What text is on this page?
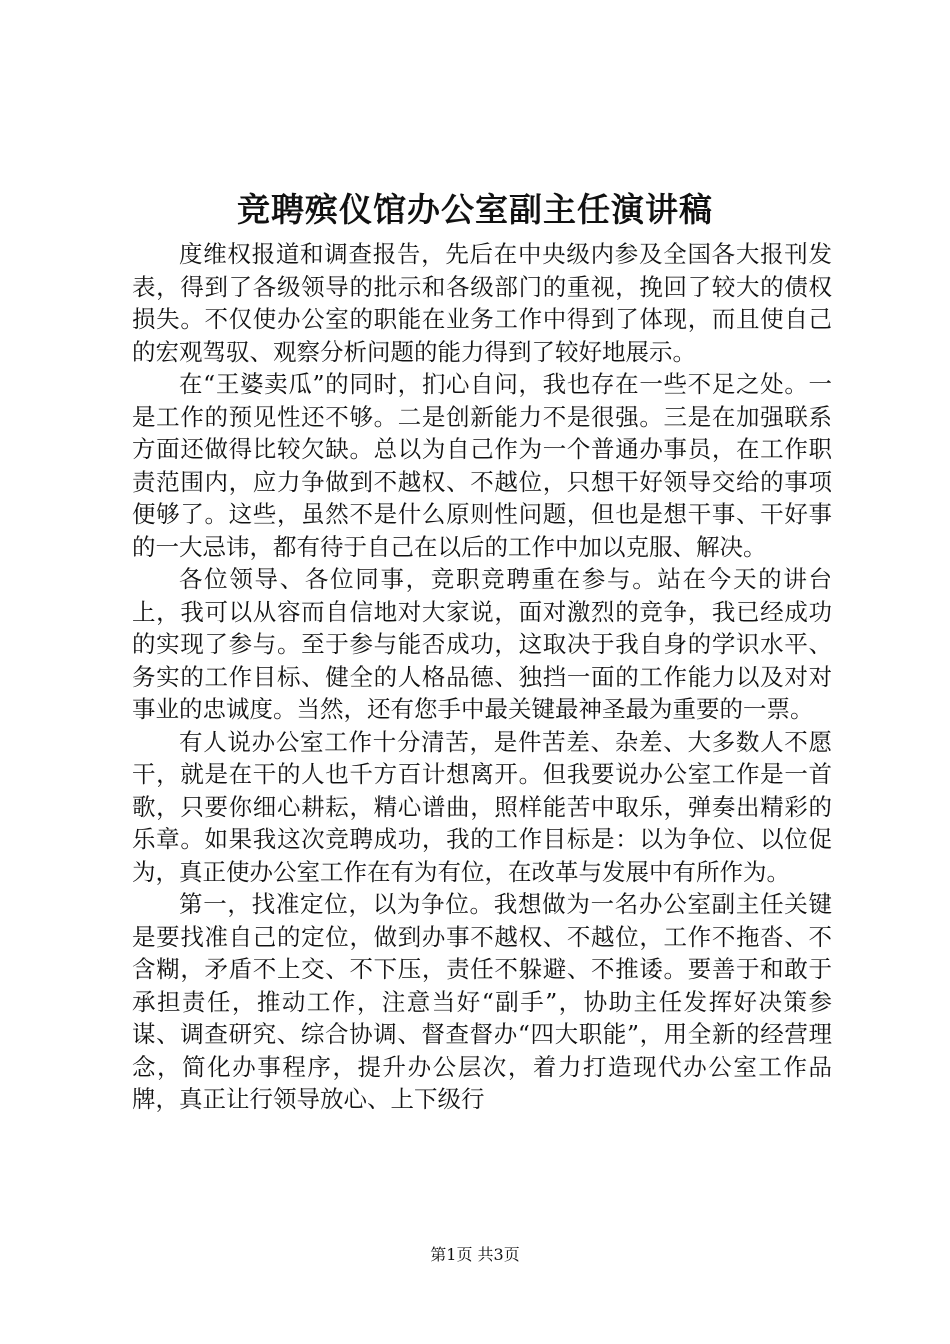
竞聘殡仪馆办公室副主任演讲稿

度维权报道和调查报告，先后在中央级内参及全国各大报刊发表，得到了各级领导的批示和各级部门的重视，挽回了较大的债权损失。不仅使办公室的职能在业务工作中得到了体现，而且使自己的宏观驾驭、观察分析问题的能力得到了较好地展示。

在“王婆卖瓜”的同时，扪心自问，我也存在一些不足之处。一是工作的预见性还不够。二是创新能力不是很强。三是在加强联系方面还做得比较欠缺。总以为自己作为一个普通办事员，在工作职责范围内，应力争做到不越权、不越位，只想干好领导交给的事项便够了。这些，虽然不是什么原则性问题，但也是想干事、干好事的一大忌讳，都有待于自己在以后的工作中加以克服、解决。

各位领导、各位同事，竞职竞聘重在参与。站在今天的讲台上，我可以从容而自信地对大家说，面对激烈的竞争，我已经成功的实现了参与。至于参与能否成功，这取决于我自身的学识水平、务实的工作目标、健全的人格品德、独挡一面的工作能力以及对对事业的忠诚度。当然，还有您手中最关键最神圣最为重要的一票。

有人说办公室工作十分清苦，是件苦差、杂差、大多数人不愿干，就是在干的人也千方百计想离开。但我要说办公室工作是一首歌，只要你细心耕耘，精心谱曲，照样能苦中取乐，弹奏出精彩的乐章。如果我这次竞聘成功，我的工作目标是：以为争位、以位促为，真正使办公室工作在有为有位，在改革与发展中有所作为。

第一，找准定位，以为争位。我想做为一名办公室副主任关键是要找准自己的定位，做到办事不越权、不越位，工作不拖沓、不含糊，矛盾不上交、不下压，责任不躲避、不推诿。要善于和敢于承担责任，推动工作，注意当好“副手”，协助主任发挥好决策参谋、调查研究、综合协调、督查督办“四大职能”，用全新的经营理念，简化办事程序，提升办公层次，着力打造现代办公室工作品牌，真正让行领导放心、上下级行

第1页 共3页
